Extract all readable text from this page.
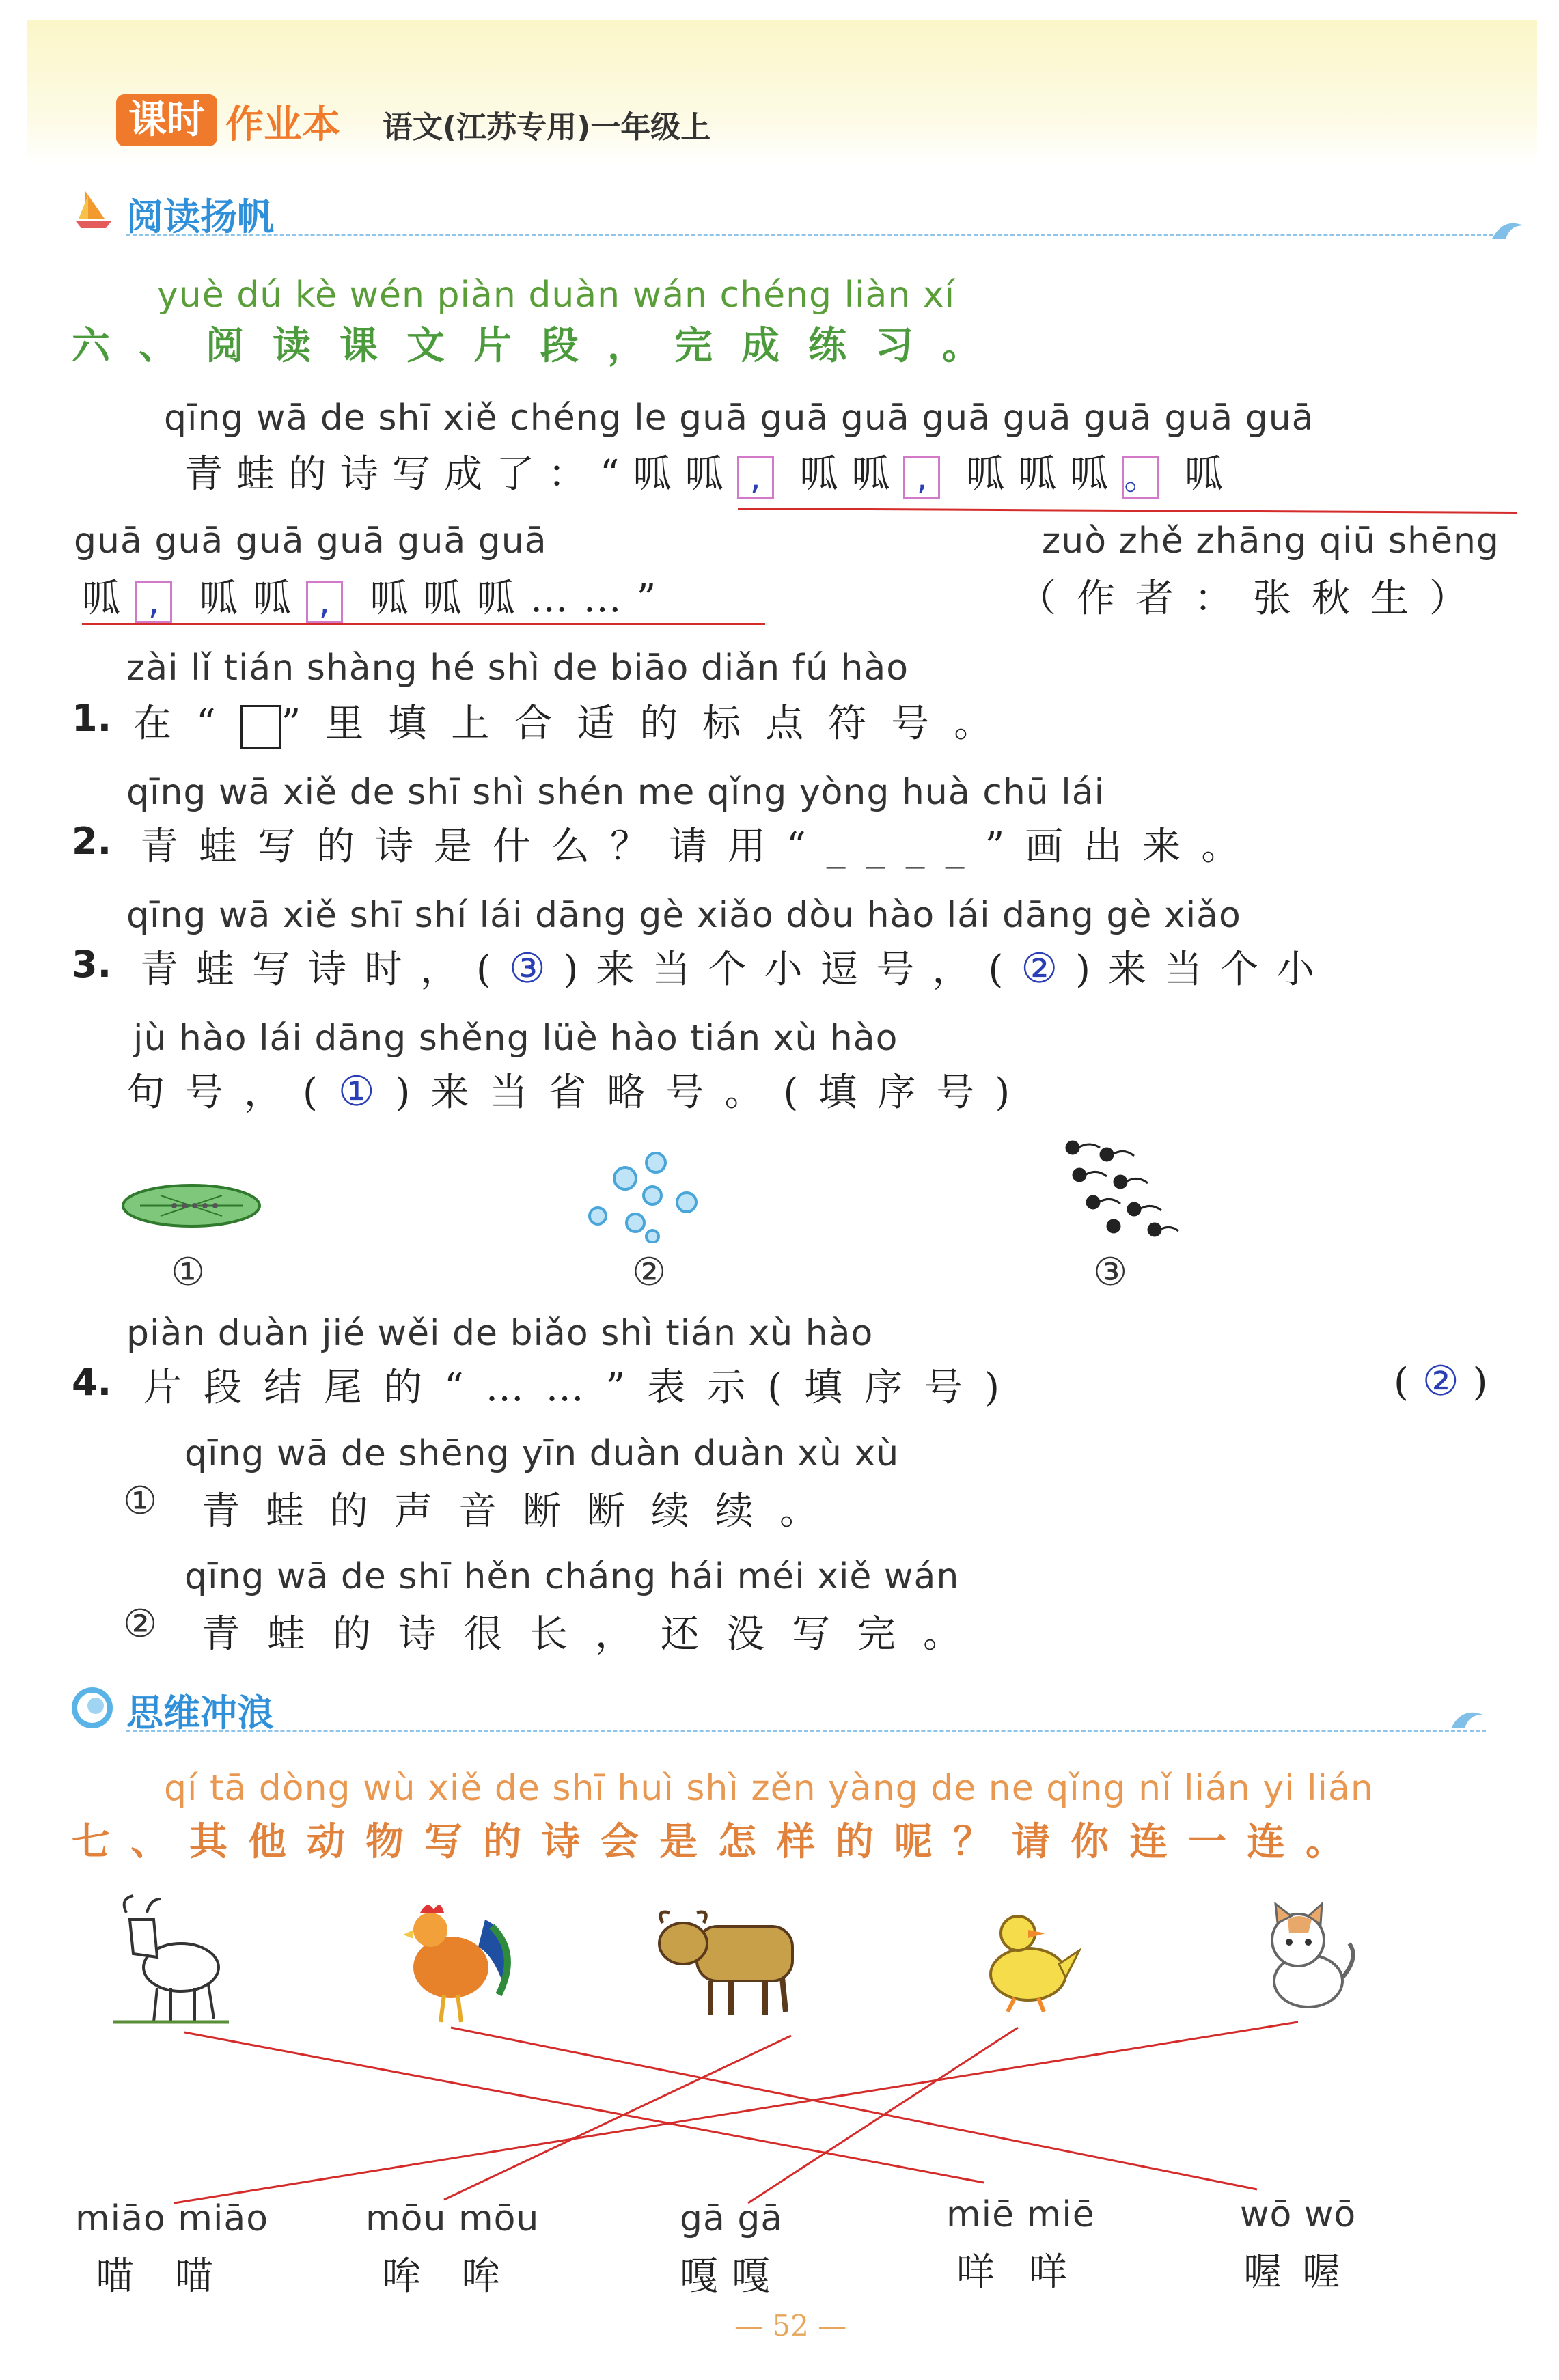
课时 作业本 语文(江苏专用)一年级上
阅读扬帆
yuè dú kè wén piàn duàn wán chéng liàn xí
六、阅读课文片段，完成练习。
qīng wā de shī xiě chéng le guā guā guā guā guā guā guā guā
青蛙的诗写成了：“呱呱 , 呱呱 , 呱呱呱。 呱
guā guā guā guā guā guā
呱 , 呱呱 , 呱呱呱……”
zuò zhě zhāng qiū shēng
（作者：张秋生）
zài lǐ tián shàng hé shì de biāo diǎn fú hào
1. 在“ ”里填上合适的标点符号。
qīng wā xiě de shī shì shén me qǐng yòng huà chū lái
2. 青蛙写的诗是什么？请用“____”画出来。
qīng wā xiě shī shí lái dāng gè xiǎo dòu hào lái dāng gè xiǎo
3. 青蛙写诗时，(③)来当个小逗号，(②)来当个小
jù hào lái dāng shěng lüè hào tián xù hào
句号，(①)来当省略号。(填序号)
①	②	③
piàn duàn jié wěi de biǎo shì tián xù hào
4. 片段结尾的“……”表示(填序号)	(②)
qīng wā de shēng yīn duàn duàn xù xù
① 青蛙的声音断断续续。
qīng wā de shī hěn cháng hái méi xiě wán
② 青蛙的诗很长，还没写完。
思维冲浪
qí tā dòng wù xiě de shī huì shì zěn yàng de ne qǐng nǐ lián yi lián
七、其他动物写的诗会是怎样的呢？请你连一连。
miāo miāo
喵喵
mōu mōu
哞哞
gā gā
嘎嘎
miē miē
咩咩
wō wō
喔喔
— 52 —
